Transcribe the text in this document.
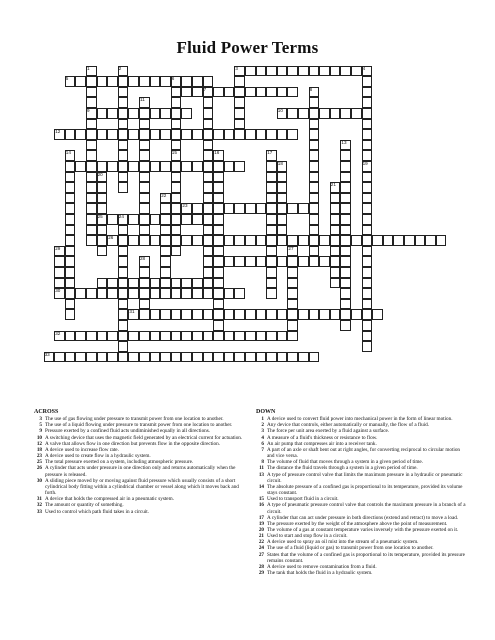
Fluid Power Terms
1	2	3	4
5	6
7	8
9	10
11
12
13
14	15	16	17
18	19
20
21
22
23
24
25
26
27
28
29
30
31
32
33
ACROSS
3 The use of gas flowing under pressure to transmit power from one location to another.
5 The use of a liquid flowing under pressure to transmit power from one location to another.
9 Pressure exerted by a confined fluid acts undiminished equally in all directions.
10 A switching device that uses the magnetic field generated by an electrical current for actuation.
12 A valve that allows flow in one direction but prevents flow in the opposite direction.
18 A device used to increase flow rate.
23 A device used to create flow in a hydraulic system.
25 The total pressure exerted on a system, including atmospheric pressure.
26 A cylinder that acts under pressure in one direction only and returns automatically when the pressure is released.
30 A sliding piece moved by or moving against fluid pressure which usually consists of a short cylindrical body fitting within a cylindrical chamber or vessel along which it moves back and forth.
31 A device that holds the compressed air in a pneumatic system.
32 The amount or quantity of something.
33 Used to control which path fluid takes in a circuit.
DOWN
1 A device used to convert fluid power into mechanical power in the form of linear motion.
2 Any device that controls, either automatically or manually, the flow of a fluid.
3 The force per unit area exerted by a fluid against a surface.
4 A measure of a fluid's thickness or resistance to flow.
6 An air pump that compresses air into a receiver tank.
7 A part of an axle or shaft bent out at right angles, for converting reciprocal to circular motion and vice versa.
8 The volume of fluid that moves through a system in a given period of time.
11 The distance the fluid travels through a system in a given period of time.
13 A type of pressure control valve that limits the maximum pressure in a hydraulic or pneumatic circuit.
14 The absolute pressure of a confined gas is proportional to its temperature, provided its volume stays constant.
15 Used to transport fluid in a circuit.
16 A type of pneumatic pressure control valve that controls the maximum pressure in a branch of a circuit.
17 A cylinder that can act under pressure in both directions (extend and retract) to move a load.
19 The pressure exerted by the weight of the atmosphere above the point of measurement.
20 The volume of a gas at constant temperature varies inversely with the pressure exerted on it.
21 Used to start and stop flow in a circuit.
22 A device used to spray an oil mist into the stream of a pneumatic system.
24 The use of a fluid (liquid or gas) to transmit power from one location to another.
27 States that the volume of a confined gas is proportional to its temperature, provided its pressure remains constant.
28 A device used to remove contamination from a fluid.
29 The tank that holds the fluid in a hydraulic system.
